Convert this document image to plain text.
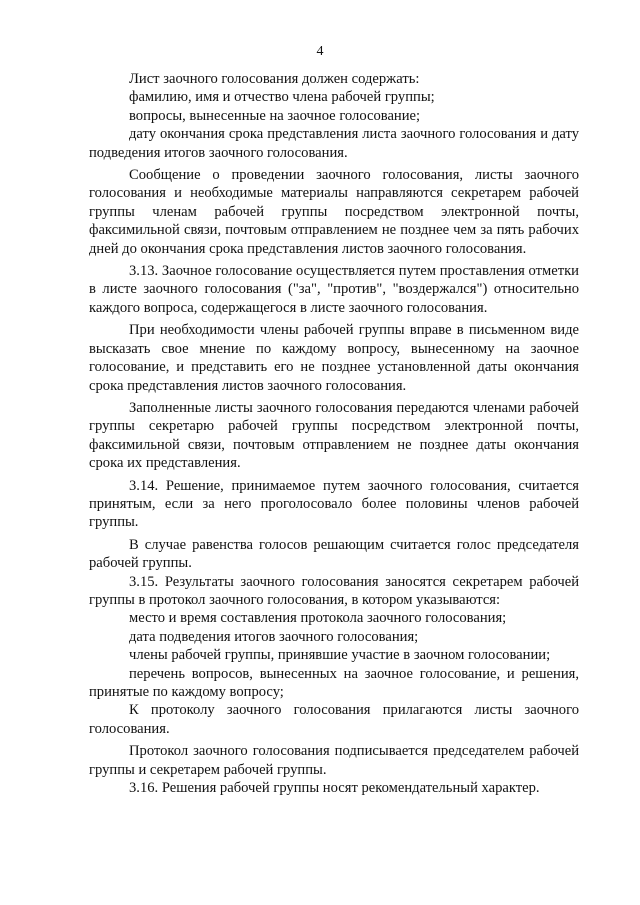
4

Лист заочного голосования должен содержать:

фамилию, имя и отчество члена рабочей группы;

вопросы, вынесенные на заочное голосование;

дату окончания срока представления листа заочного голосования и дату подведения итогов заочного голосования.

Сообщение о проведении заочного голосования, листы заочного голосования и необходимые материалы направляются секретарем рабочей группы членам рабочей группы посредством электронной почты, факсимильной связи, почтовым отправлением не позднее чем за пять рабочих дней до окончания срока представления листов заочного голосования.

3.13. Заочное голосование осуществляется путем проставления отметки в листе заочного голосования ("за", "против", "воздержался") относительно каждого вопроса, содержащегося в листе заочного голосования.

При необходимости члены рабочей группы вправе в письменном виде высказать свое мнение по каждому вопросу, вынесенному на заочное голосование, и представить его не позднее установленной даты окончания срока представления листов заочного голосования.

Заполненные листы заочного голосования передаются членами рабочей группы секретарю рабочей группы посредством электронной почты, факсимильной связи, почтовым отправлением не позднее даты окончания срока их представления.

3.14. Решение, принимаемое путем заочного голосования, считается принятым, если за него проголосовало более половины членов рабочей группы.

В случае равенства голосов решающим считается голос председателя рабочей группы.

3.15. Результаты заочного голосования заносятся секретарем рабочей группы в протокол заочного голосования, в котором указываются:

место и время составления протокола заочного голосования;

дата подведения итогов заочного голосования;

члены рабочей группы, принявшие участие в заочном голосовании;

перечень вопросов, вынесенных на заочное голосование, и решения, принятые по каждому вопросу;

К протоколу заочного голосования прилагаются листы заочного голосования.

Протокол заочного голосования подписывается председателем рабочей группы и секретарем рабочей группы.

3.16. Решения рабочей группы носят рекомендательный характер.
